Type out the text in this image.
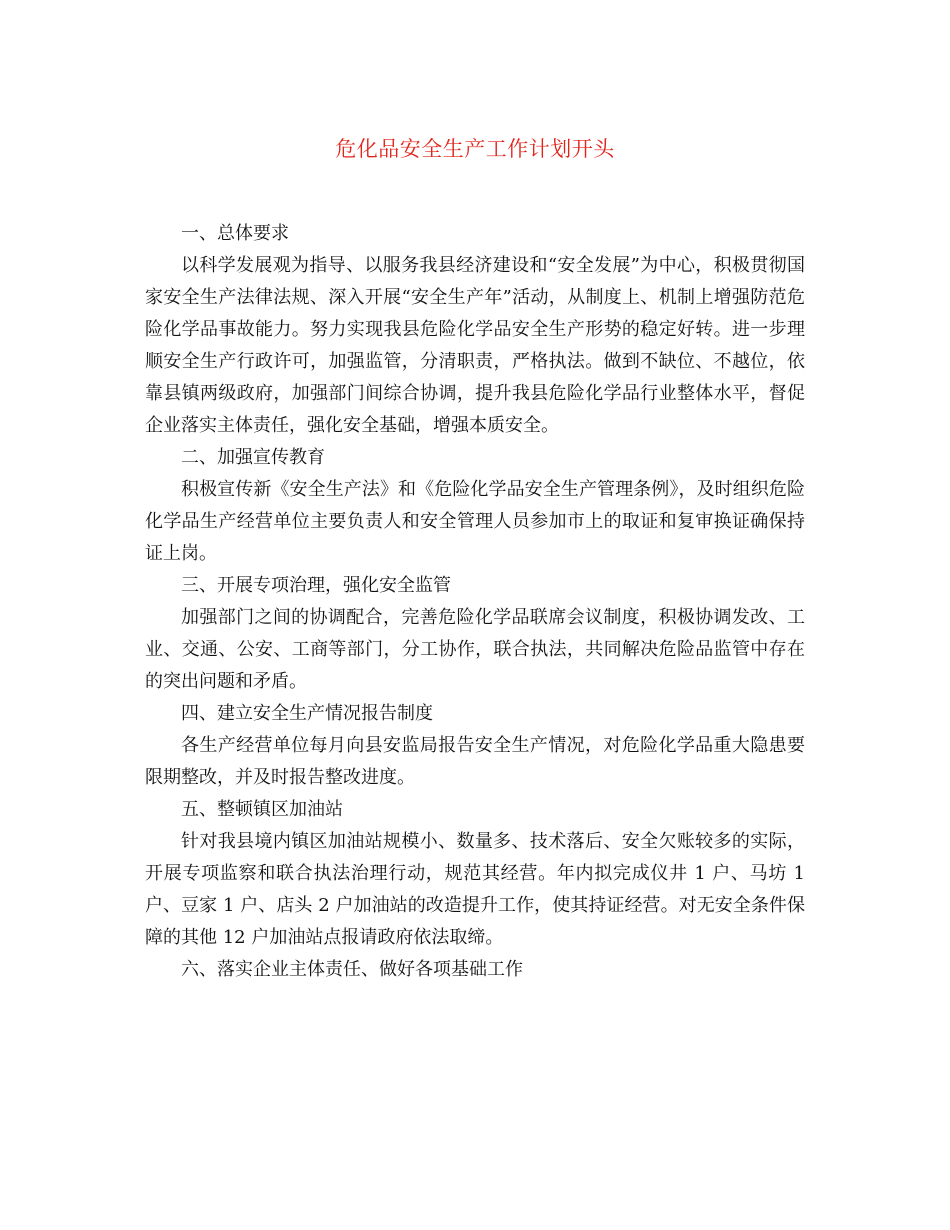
危化品安全生产工作计划开头

一、总体要求

以科学发展观为指导、以服务我县经济建设和“安全发展”为中心，积极贯彻国家安全生产法律法规、深入开展“安全生产年”活动，从制度上、机制上增强防范危险化学品事故能力。努力实现我县危险化学品安全生产形势的稳定好转。进一步理顺安全生产行政许可，加强监管，分清职责，严格执法。做到不缺位、不越位，依靠县镇两级政府，加强部门间综合协调，提升我县危险化学品行业整体水平，督促企业落实主体责任，强化安全基础，增强本质安全。

二、加强宣传教育

积极宣传新《安全生产法》和《危险化学品安全生产管理条例》，及时组织危险化学品生产经营单位主要负责人和安全管理人员参加市上的取证和复审换证确保持证上岗。

三、开展专项治理，强化安全监管

加强部门之间的协调配合，完善危险化学品联席会议制度，积极协调发改、工业、交通、公安、工商等部门，分工协作，联合执法，共同解决危险品监管中存在的突出问题和矛盾。

四、建立安全生产情况报告制度

各生产经营单位每月向县安监局报告安全生产情况，对危险化学品重大隐患要限期整改，并及时报告整改进度。

五、整顿镇区加油站

针对我县境内镇区加油站规模小、数量多、技术落后、安全欠账较多的实际，开展专项监察和联合执法治理行动，规范其经营。年内拟完成仪井 1 户、马坊 1 户、豆家 1 户、店头 2 户加油站的改造提升工作，使其持证经营。对无安全条件保障的其他 12 户加油站点报请政府依法取缔。

六、落实企业主体责任、做好各项基础工作
